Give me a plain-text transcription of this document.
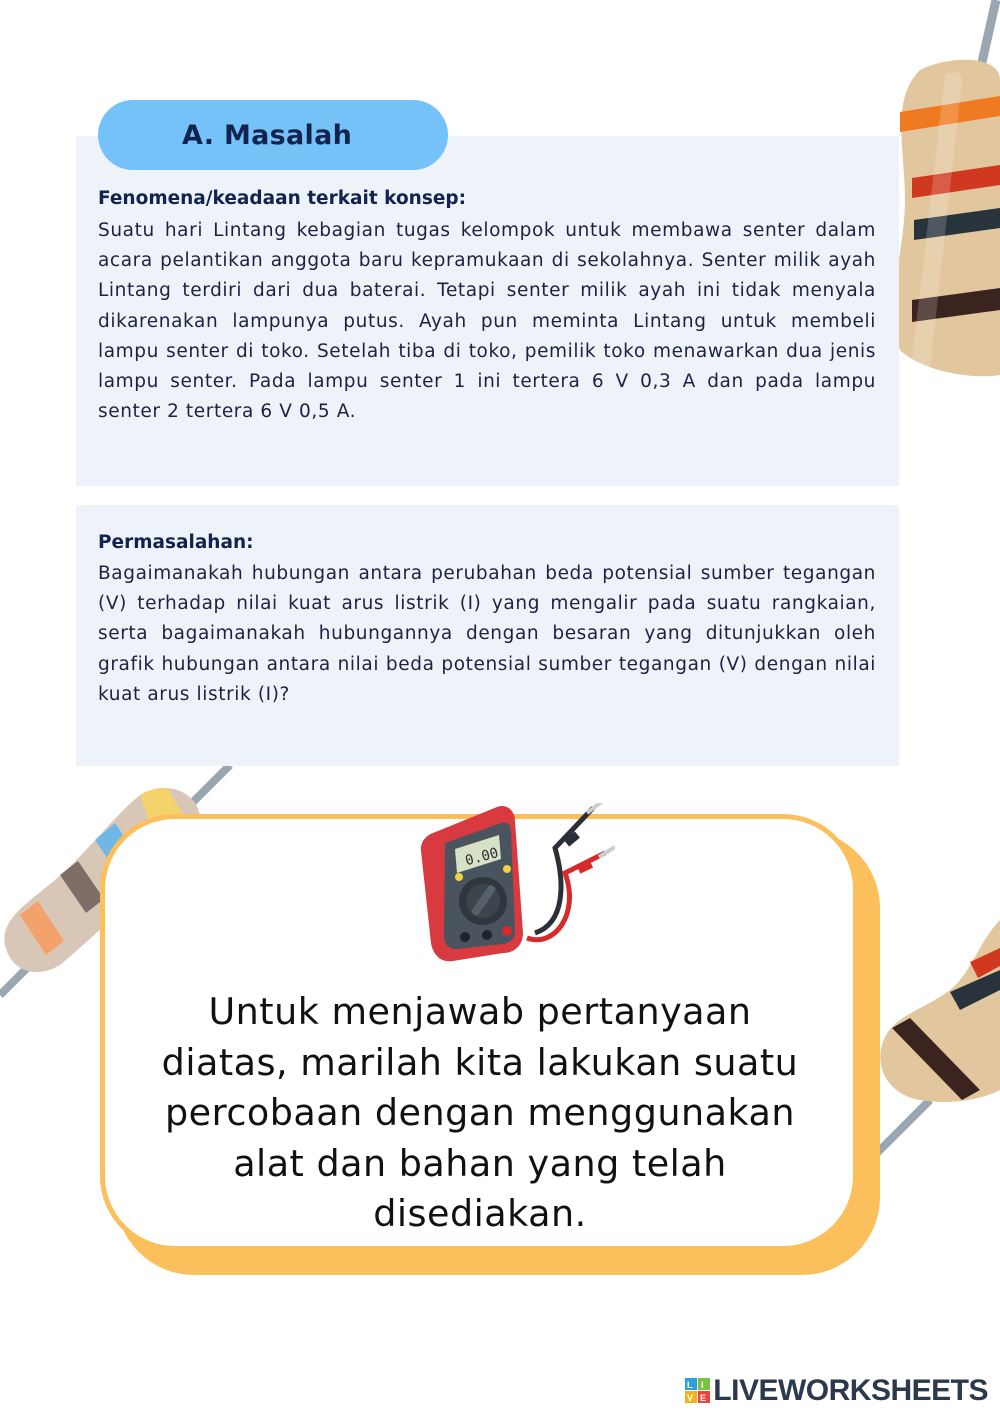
A. Masalah
Fenomena/keadaan terkait konsep:

Suatu hari Lintang kebagian tugas kelompok untuk membawa senter dalam acara pelantikan anggota baru kepramukaan di sekolahnya. Senter milik ayah Lintang terdiri dari dua baterai. Tetapi senter milik ayah ini tidak menyala dikarenakan lampunya putus. Ayah pun meminta Lintang untuk membeli lampu senter di toko. Setelah tiba di toko, pemilik toko menawarkan dua jenis lampu senter. Pada lampu senter 1 ini tertera 6 V 0,3 A dan pada lampu senter 2 tertera 6 V 0,5 A.

Permasalahan:

Bagaimanakah hubungan antara perubahan beda potensial sumber tegangan (V) terhadap nilai kuat arus listrik (I) yang mengalir pada suatu rangkaian, serta bagaimanakah hubungannya dengan besaran yang ditunjukkan oleh grafik hubungan antara nilai beda potensial sumber tegangan (V) dengan nilai kuat arus listrik (I)?

0.00

Untuk menjawab pertanyaan diatas, marilah kita lakukan suatu percobaan dengan menggunakan alat dan bahan yang telah disediakan.

L I
V E LIVEWORKSHEETS
